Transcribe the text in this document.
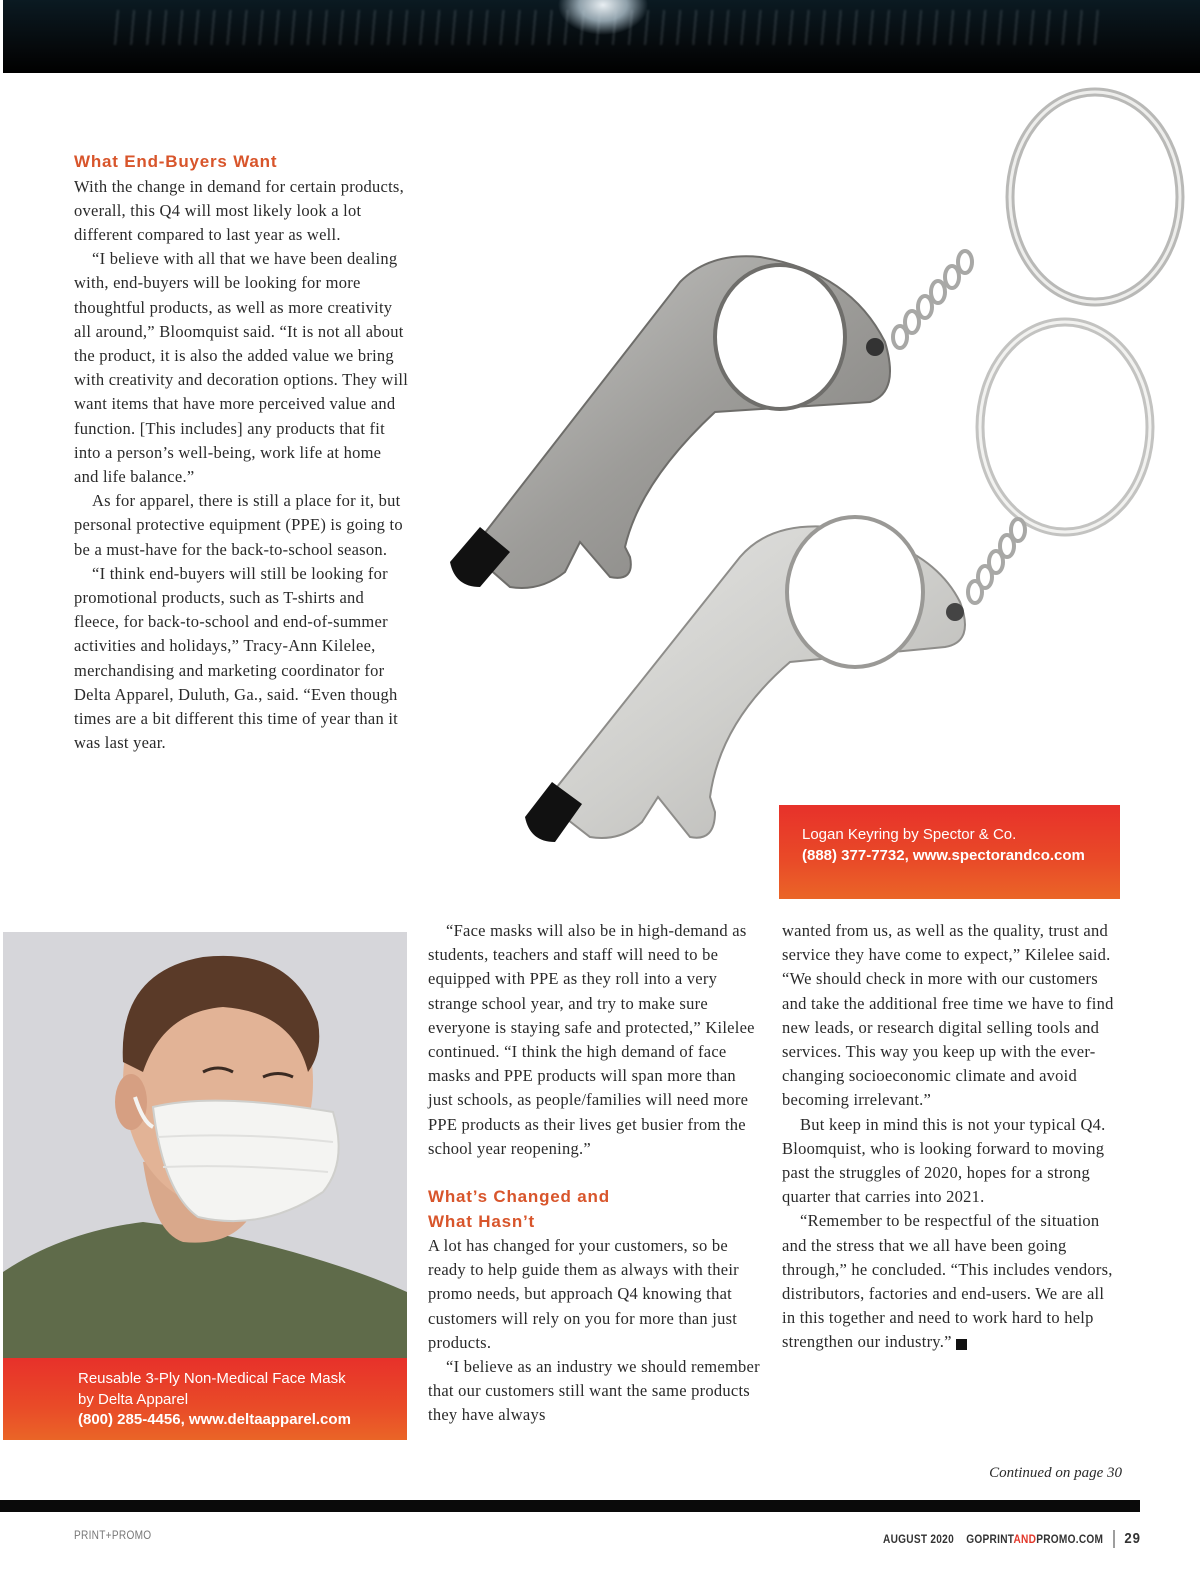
What End-Buyers Want

With the change in demand for certain products, overall, this Q4 will most likely look a lot different compared to last year as well.

“I believe with all that we have been dealing with, end-buyers will be looking for more thoughtful products, as well as more creativity all around,” Bloomquist said. “It is not all about the product, it is also the added value we bring with creativity and decoration options. They will want items that have more perceived value and function. [This includes] any products that fit into a person’s well-being, work life at home and life balance.”

As for apparel, there is still a place for it, but personal protective equipment (PPE) is going to be a must-have for the back-to-school season.

“I think end-buyers will still be looking for promotional products, such as T-shirts and fleece, for back-to-school and end-of-summer activities and holidays,” Tracy-Ann Kilelee, merchandising and marketing coordinator for Delta Apparel, Duluth, Ga., said. “Even though times are a bit different this time of year than it was last year.

Logan Keyring by Spector & Co.
(888) 377-7732, www.spectorandco.com
Reusable 3-Ply Non-Medical Face Mask
by Delta Apparel
(800) 285-4456, www.deltaapparel.com

“Face masks will also be in high-demand as students, teachers and staff will need to be equipped with PPE as they roll into a very strange school year, and try to make sure everyone is staying safe and protected,” Kilelee continued. “I think the high demand of face masks and PPE products will span more than just schools, as people/families will need more PPE products as their lives get busier from the school year reopening.”

What’s Changed and
What Hasn’t

A lot has changed for your customers, so be ready to help guide them as always with their promo needs, but approach Q4 knowing that customers will rely on you for more than just products.

“I believe as an industry we should remember that our customers still want the same products they have always

wanted from us, as well as the quality, trust and service they have come to expect,” Kilelee said. “We should check in more with our customers and take the additional free time we have to find new leads, or research digital selling tools and services. This way you keep up with the ever-changing socioeconomic climate and avoid becoming irrelevant.”

But keep in mind this is not your typical Q4. Bloomquist, who is looking forward to moving past the struggles of 2020, hopes for a strong quarter that carries into 2021.

“Remember to be respectful of the situation and the stress that we all have been going through,” he concluded. “This includes vendors, distributors, factories and end-users. We are all in this together and need to work hard to help strengthen our industry.” +

Continued on page 30
PRINT+PROMO	AUGUST 2020 GOPRINTANDPROMO.COM 29
